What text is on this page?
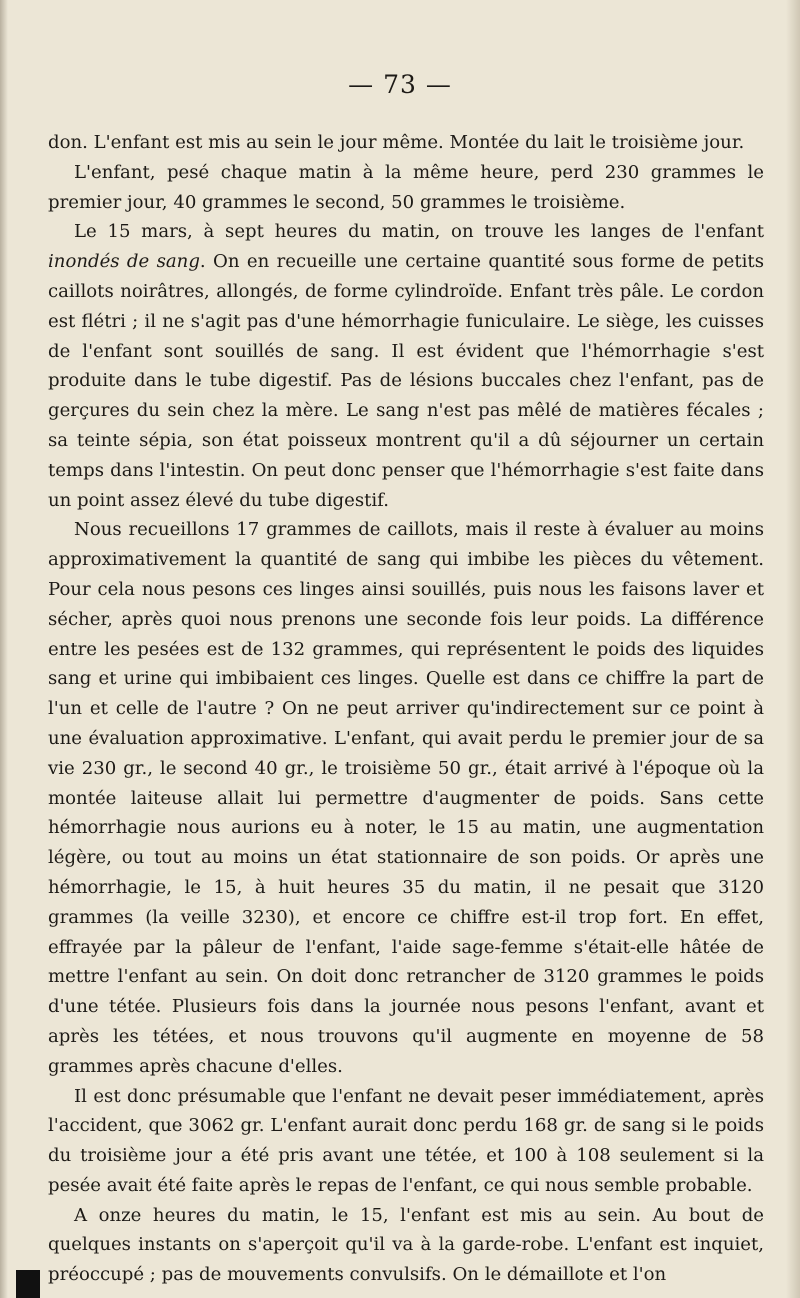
— 73 —

don. L'enfant est mis au sein le jour même. Montée du lait le troisième jour.

L'enfant, pesé chaque matin à la même heure, perd 230 grammes le premier jour, 40 grammes le second, 50 grammes le troisième.

Le 15 mars, à sept heures du matin, on trouve les langes de l'enfant inondés de sang. On en recueille une certaine quantité sous forme de petits caillots noirâtres, allongés, de forme cylindroïde. Enfant très pâle. Le cordon est flétri ; il ne s'agit pas d'une hémorrhagie funiculaire. Le siège, les cuisses de l'enfant sont souillés de sang. Il est évident que l'hémorrhagie s'est produite dans le tube digestif. Pas de lésions buccales chez l'enfant, pas de gerçures du sein chez la mère. Le sang n'est pas mêlé de matières fécales ; sa teinte sépia, son état poisseux montrent qu'il a dû séjourner un certain temps dans l'intestin. On peut donc penser que l'hémorrhagie s'est faite dans un point assez élevé du tube digestif.

Nous recueillons 17 grammes de caillots, mais il reste à évaluer au moins approximativement la quantité de sang qui imbibe les pièces du vêtement. Pour cela nous pesons ces linges ainsi souillés, puis nous les faisons laver et sécher, après quoi nous prenons une seconde fois leur poids. La différence entre les pesées est de 132 grammes, qui représentent le poids des liquides sang et urine qui imbibaient ces linges. Quelle est dans ce chiffre la part de l'un et celle de l'autre ? On ne peut arriver qu'indirectement sur ce point à une évaluation approximative. L'enfant, qui avait perdu le premier jour de sa vie 230 gr., le second 40 gr., le troisième 50 gr., était arrivé à l'époque où la montée laiteuse allait lui permettre d'augmenter de poids. Sans cette hémorrhagie nous aurions eu à noter, le 15 au matin, une augmentation légère, ou tout au moins un état stationnaire de son poids. Or après une hémorrhagie, le 15, à huit heures 35 du matin, il ne pesait que 3120 grammes (la veille 3230), et encore ce chiffre est-il trop fort. En effet, effrayée par la pâleur de l'enfant, l'aide sage-femme s'était-elle hâtée de mettre l'enfant au sein. On doit donc retrancher de 3120 grammes le poids d'une tétée. Plusieurs fois dans la journée nous pesons l'enfant, avant et après les tétées, et nous trouvons qu'il augmente en moyenne de 58 grammes après chacune d'elles.

Il est donc présumable que l'enfant ne devait peser immédiatement, après l'accident, que 3062 gr. L'enfant aurait donc perdu 168 gr. de sang si le poids du troisième jour a été pris avant une tétée, et 100 à 108 seulement si la pesée avait été faite après le repas de l'enfant, ce qui nous semble probable.

A onze heures du matin, le 15, l'enfant est mis au sein. Au bout de quelques instants on s'aperçoit qu'il va à la garde-robe. L'enfant est inquiet, préoccupé ; pas de mouvements convulsifs. On le démaillote et l'on
